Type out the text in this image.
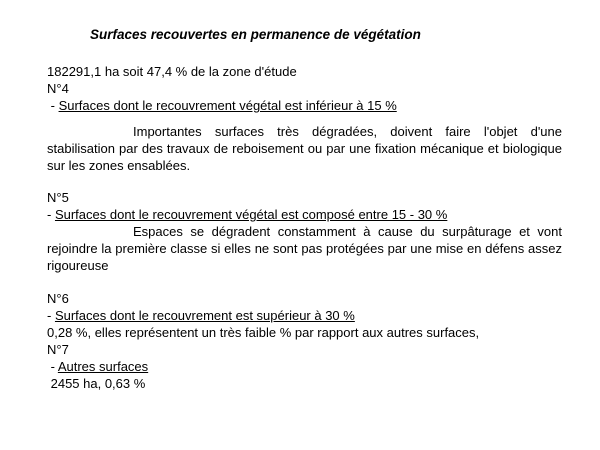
Surfaces recouvertes en permanence de végétation
182291,1 ha soit 47,4 % de la zone d'étude
N°4
- Surfaces dont le recouvrement végétal est inférieur à 15 %
Importantes surfaces très dégradées, doivent faire l'objet d'une stabilisation par des travaux de reboisement ou par une fixation mécanique et biologique sur les zones ensablées.
N°5
- Surfaces dont le recouvrement végétal est composé entre 15 - 30 %
Espaces se dégradent constamment à cause du surpâturage et vont rejoindre la première classe si elles ne sont pas protégées par une mise en défens assez rigoureuse
N°6
- Surfaces dont le recouvrement est supérieur à 30 %
0,28 %, elles représentent un très faible % par rapport aux autres surfaces,
N°7
- Autres surfaces
2455 ha, 0,63 %
